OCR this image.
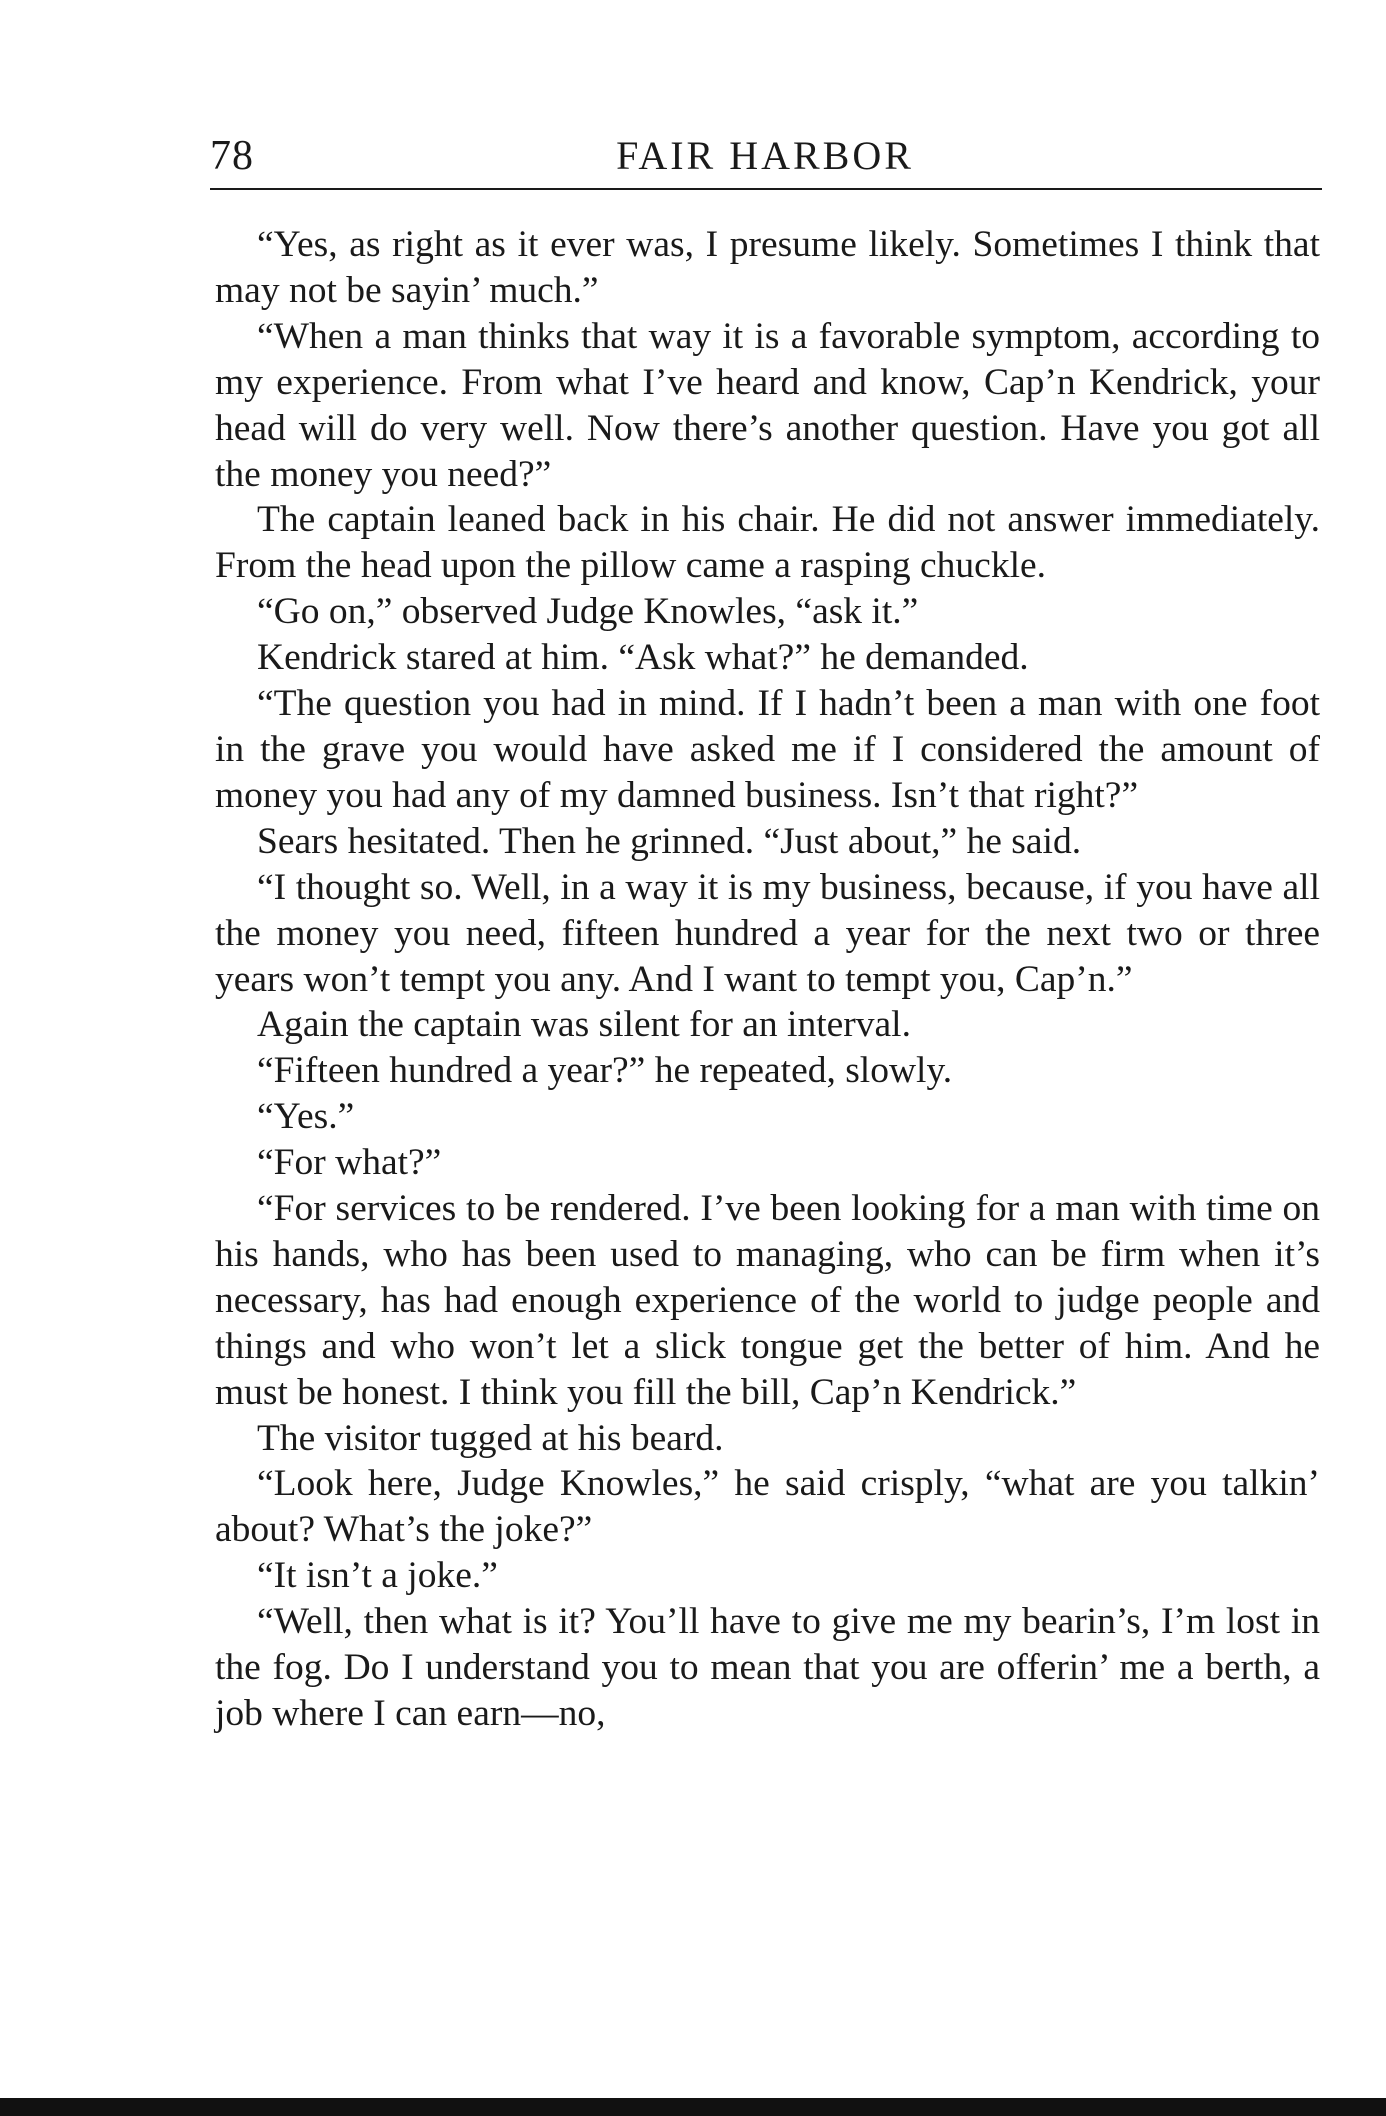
78	FAIR HARBOR

“Yes, as right as it ever was, I presume likely. Sometimes I think that may not be sayin’ much.”

“When a man thinks that way it is a favorable symptom, according to my experience. From what I’ve heard and know, Cap’n Kendrick, your head will do very well. Now there’s another question. Have you got all the money you need?”

The captain leaned back in his chair. He did not answer immediately. From the head upon the pillow came a rasping chuckle.

“Go on,” observed Judge Knowles, “ask it.”

Kendrick stared at him. “Ask what?” he demanded.

“The question you had in mind. If I hadn’t been a man with one foot in the grave you would have asked me if I considered the amount of money you had any of my damned business. Isn’t that right?”

Sears hesitated. Then he grinned. “Just about,” he said.

“I thought so. Well, in a way it is my business, because, if you have all the money you need, fifteen hundred a year for the next two or three years won’t tempt you any. And I want to tempt you, Cap’n.”

Again the captain was silent for an interval.

“Fifteen hundred a year?” he repeated, slowly.

“Yes.”

“For what?”

“For services to be rendered. I’ve been looking for a man with time on his hands, who has been used to managing, who can be firm when it’s necessary, has had enough experience of the world to judge people and things and who won’t let a slick tongue get the better of him. And he must be honest. I think you fill the bill, Cap’n Kendrick.”

The visitor tugged at his beard.

“Look here, Judge Knowles,” he said crisply, “what are you talkin’ about? What’s the joke?”

“It isn’t a joke.”

“Well, then what is it? You’ll have to give me my bearin’s, I’m lost in the fog. Do I understand you to mean that you are offerin’ me a berth, a job where I can earn—no,
